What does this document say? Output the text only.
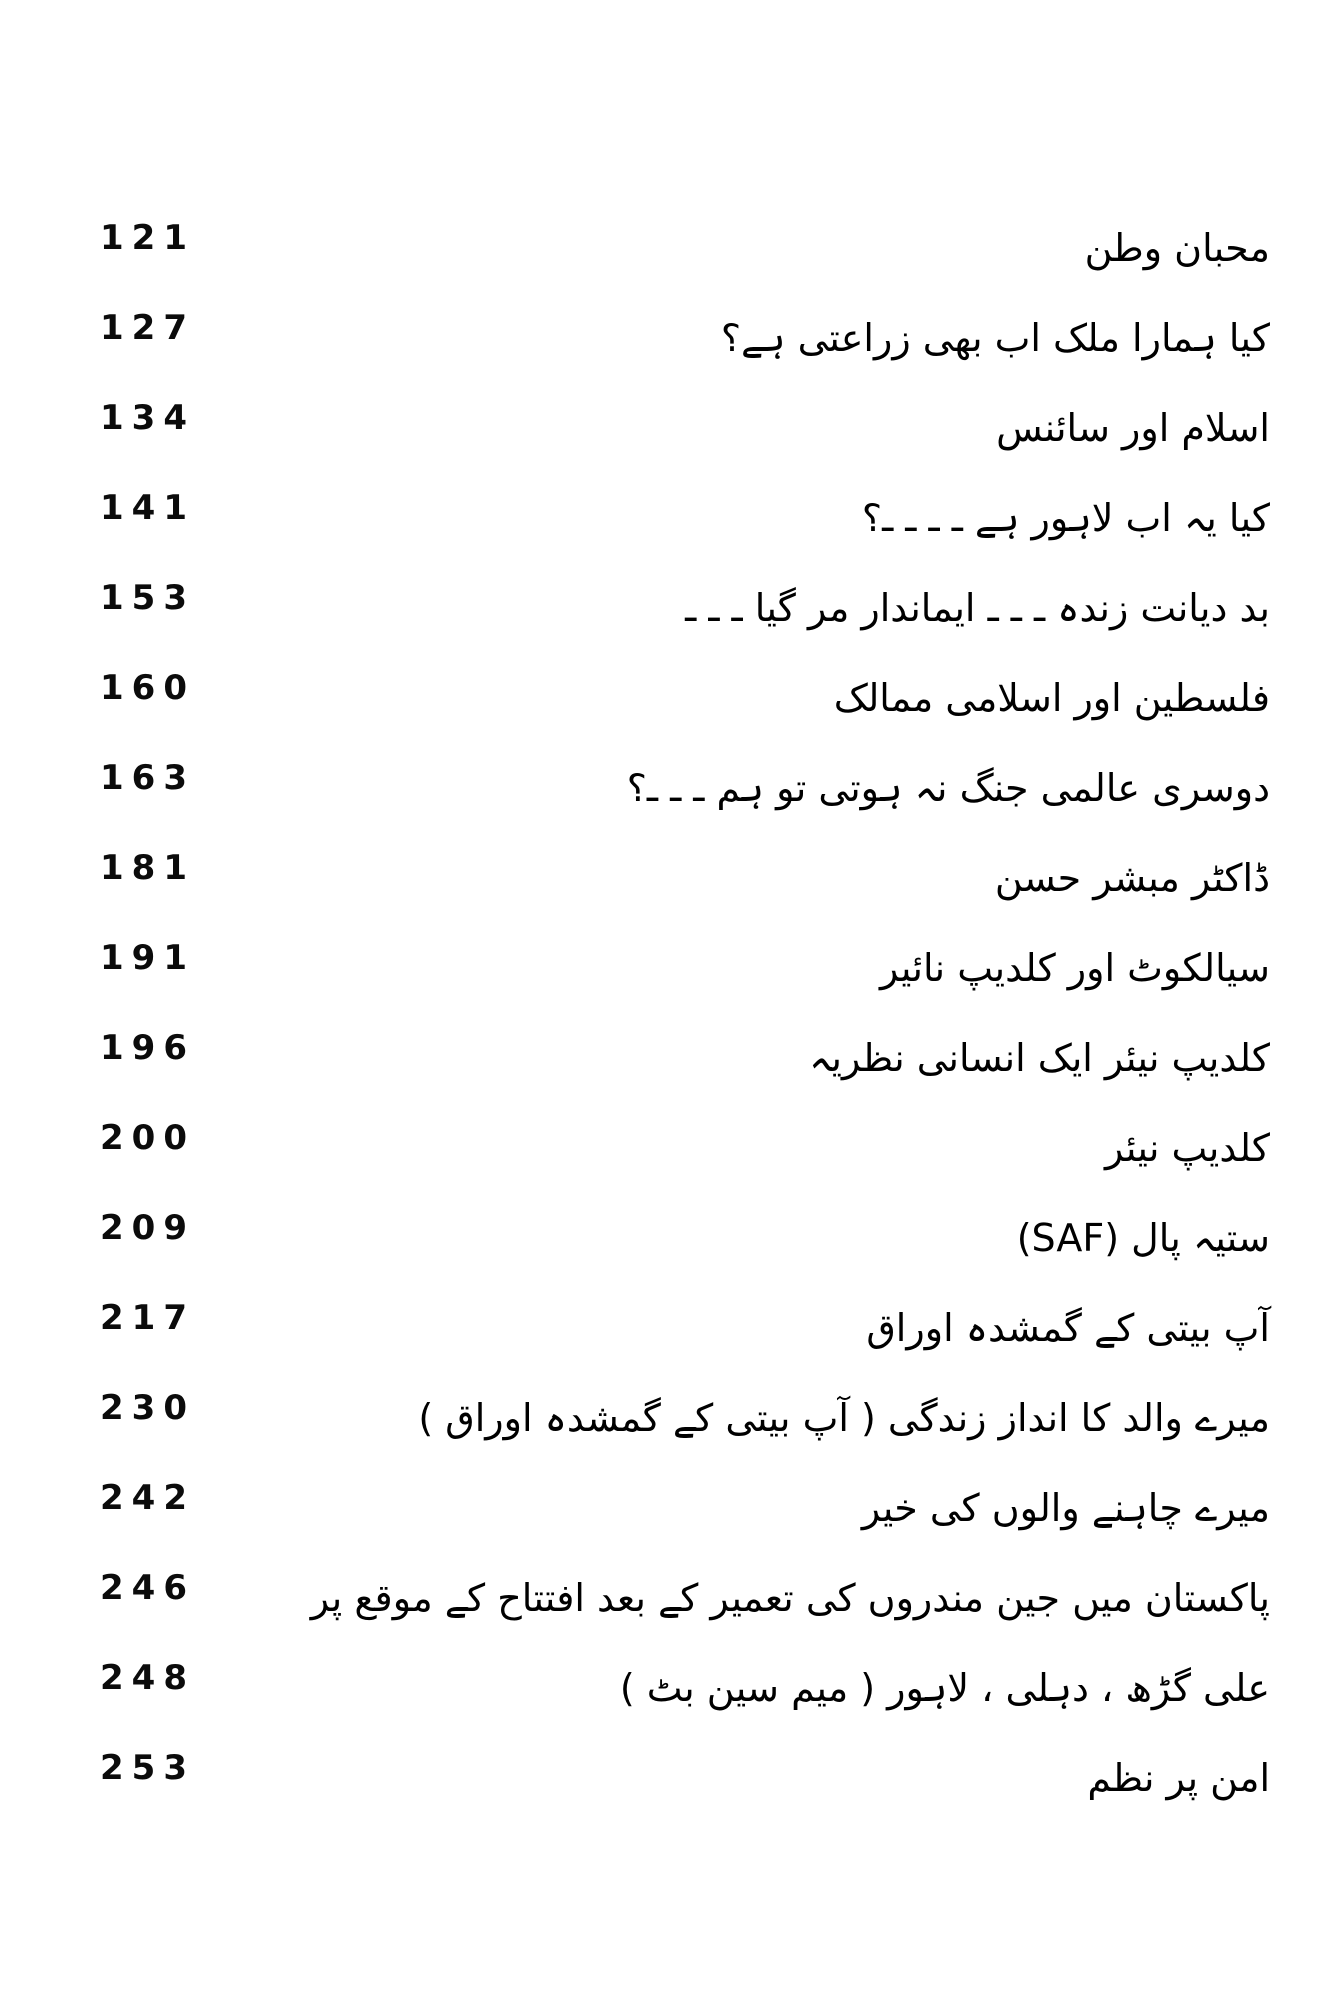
121	محبان وطن
127	کیا ہمارا ملک اب بھی زراعتی ہے؟
134	اسلام اور سائنس
141	کیا یہ اب لاہور ہے ـ ـ ـ ـ؟
153	بد دیانت زندہ ـ ـ ـ ایماندار مر گیا ـ ـ ـ
160	فلسطین اور اسلامی ممالک
163	دوسری عالمی جنگ نہ ہوتی تو ہم ـ ـ ـ؟
181	ڈاکٹر مبشر حسن
191	سیالکوٹ اور کلدیپ نائیر
196	کلدیپ نیئر ایک انسانی نظریہ
200	کلدیپ نیئر
209	ستیہ پال (SAF)
217	آپ بیتی کے گمشدہ اوراق
230	میرے والد کا انداز زندگی ( آپ بیتی کے گمشدہ اوراق )
242	میرے چاہنے والوں کی خیر
246	پاکستان میں جین مندروں کی تعمیر کے بعد افتتاح کے موقع پر
248	علی گڑھ ، دہلی ، لاہور ( میم سین بٹ )
253	امن پر نظم
